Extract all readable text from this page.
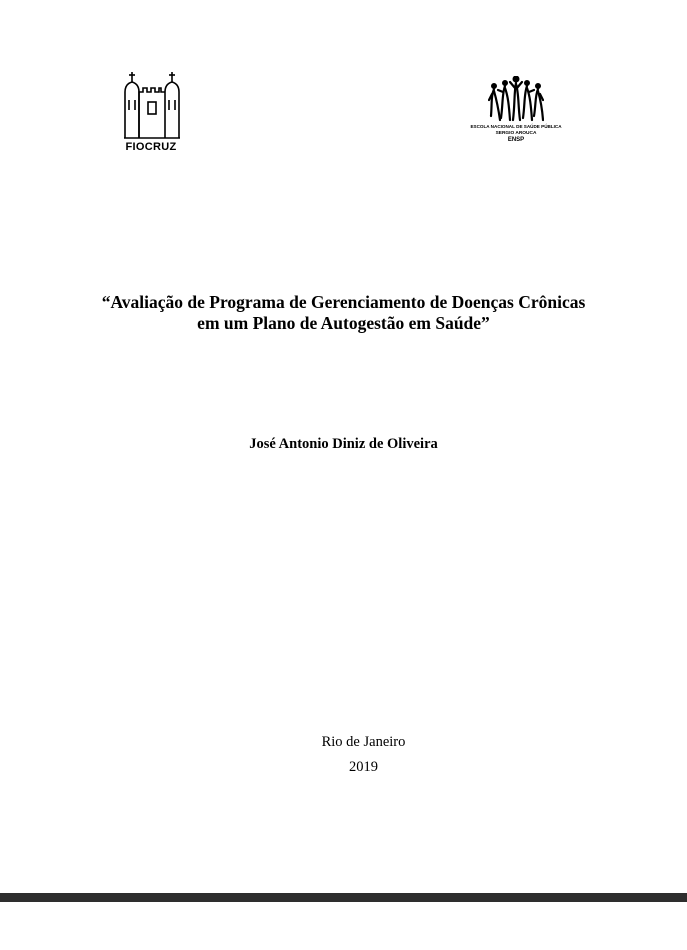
FIOCRUZ
ESCOLA NACIONAL DE SAÚDE PÚBLICA
SERGIO AROUCA
ENSP
“Avaliação de Programa de Gerenciamento de Doenças Crônicas
em um Plano de Autogestão em Saúde”
José Antonio Diniz de Oliveira
Rio de Janeiro
2019
